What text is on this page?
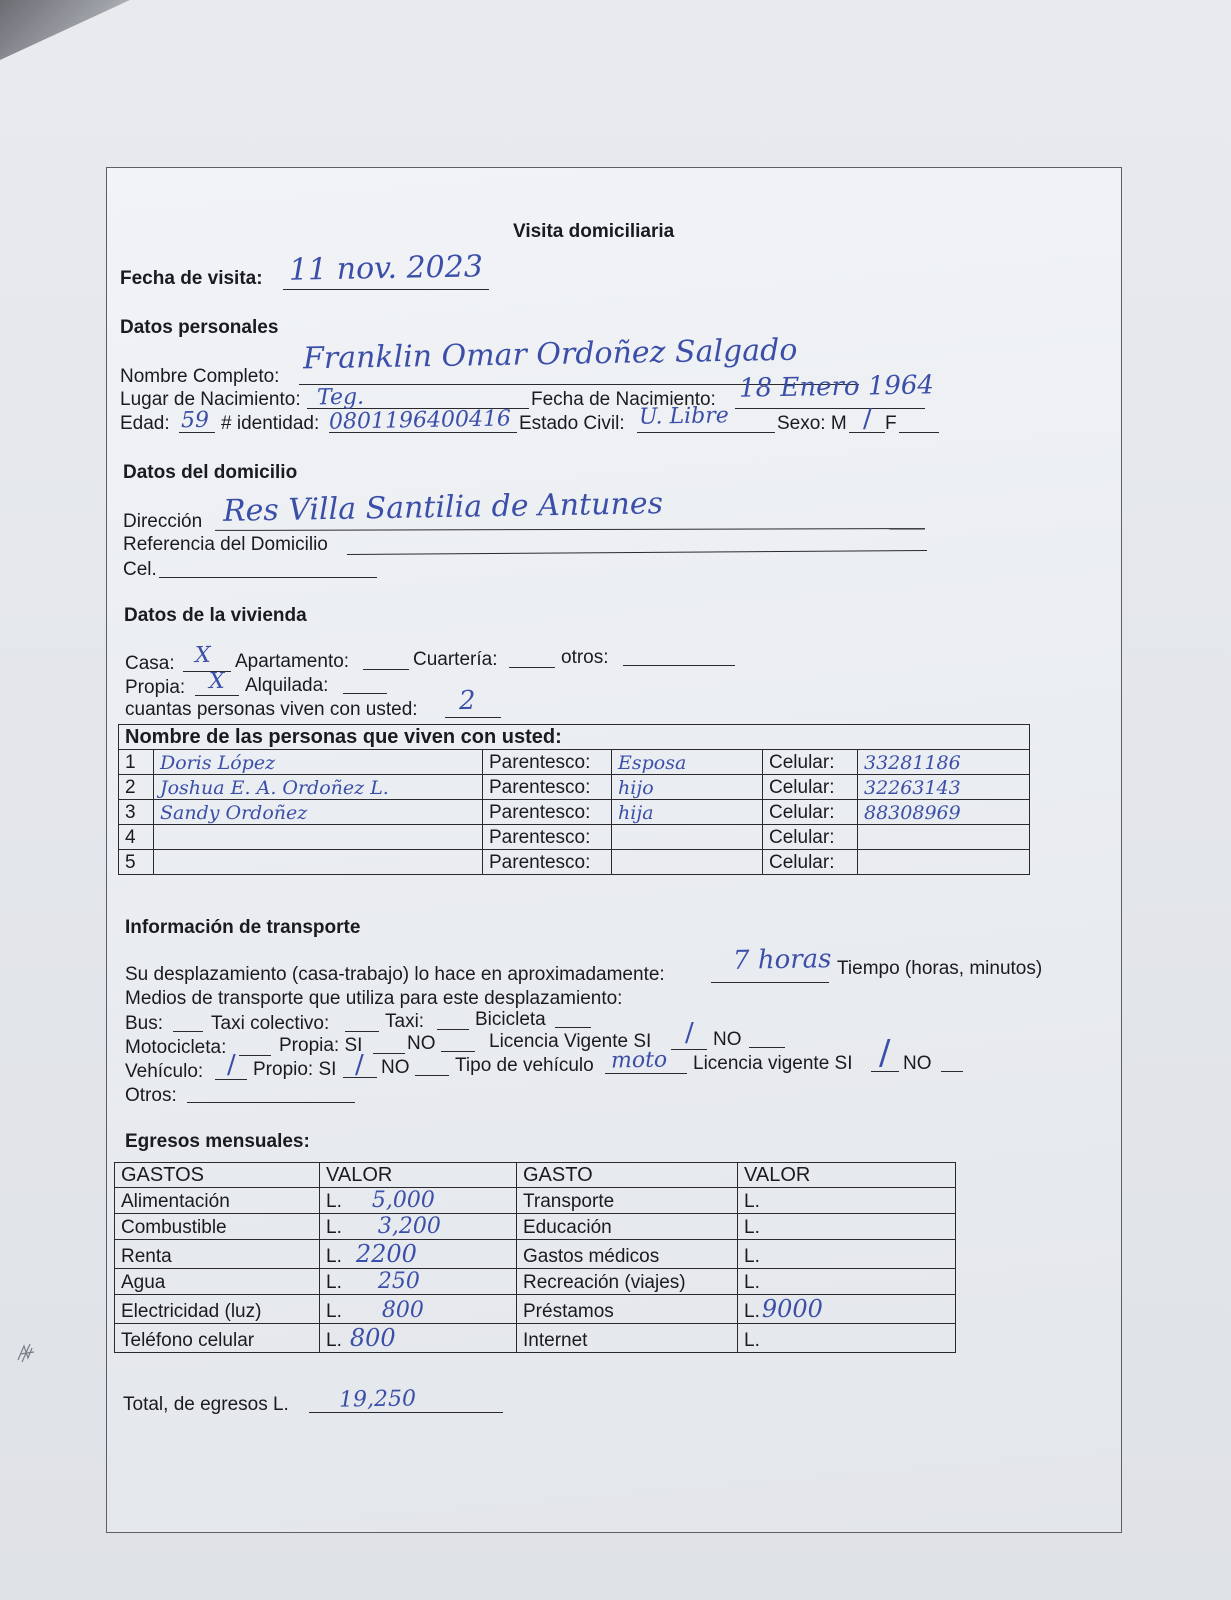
Visita domiciliaria
Fecha de visita: 11 nov. 2023
Datos personales
Nombre Completo:
Franklin Omar Ordoñez Salgado
Lugar de Nacimiento: Teg.	Fecha de Nacimiento: 18 Enero 1964
Edad: 59 # identidad: 0801196400416 Estado Civil: U. Libre	Sexo: M / F
Datos del domicilio
Dirección Res Villa Santilia de Antunes
Referencia del Domicilio
Cel.
Datos de la vivienda
Casa: X Apartamento:	Cuartería:	otros:
Propia: X Alquilada:
cuantas personas viven con usted: 2
Nombre de las personas que viven con usted:					
1	Doris López	Parentesco:	Esposa	Celular:	33281186
2	Joshua E. A. Ordoñez L.	Parentesco:	hijo	Celular:	32263143
3	Sandy Ordoñez	Parentesco:	hija	Celular:	88308969
4		Parentesco:		Celular:	
5		Parentesco:		Celular:	
Información de transporte
Su desplazamiento (casa-trabajo) lo hace en aproximadamente:	7 horas Tiempo (horas, minutos)
Medios de transporte que utiliza para este desplazamiento:
Bus:	Taxi colectivo:	Taxi:	Bicicleta
Motocicleta:	Propia: SI NO	Licencia Vigente SI / NO
Vehículo: / Propio: SI / NO Tipo de vehículo moto Licencia vigente SI / NO
Otros:
Egresos mensuales:
GASTOS	VALOR	GASTO	VALOR
Alimentación	L. 5,000	Transporte	L.
Combustible	L. 3,200	Educación	L.
Renta	L. 2200	Gastos médicos	L.
Agua	L. 250	Recreación (viajes)	L.
Electricidad (luz)	L. 800	Préstamos	L.9000
Teléfono celular	L. 800	Internet	L.
Total, de egresos L. 19,250
